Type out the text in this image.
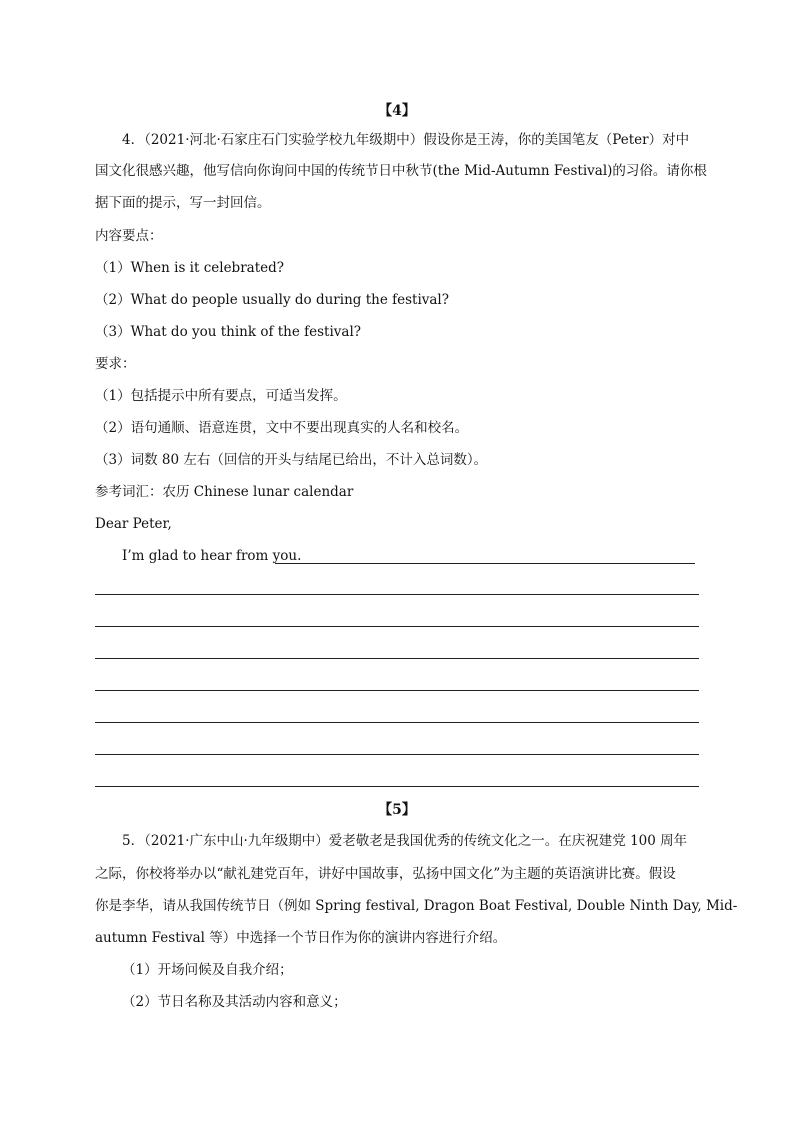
【4】
4．（2021·河北·石家庄石门实验学校九年级期中）假设你是王涛，你的美国笔友（Peter）对中
国文化很感兴趣，他写信向你询问中国的传统节日中秋节(the Mid-Autumn Festival)的习俗。请你根
据下面的提示，写一封回信。
内容要点：
（1）When is it celebrated?
（2）What do people usually do during the festival?
（3）What do you think of the festival?
要求：
（1）包括提示中所有要点，可适当发挥。
（2）语句通顺、语意连贯，文中不要出现真实的人名和校名。
（3）词数 80 左右（回信的开头与结尾已给出，不计入总词数）。
参考词汇：农历 Chinese lunar calendar
Dear Peter,
I’m glad to hear from you.
【5】
5．（2021·广东中山·九年级期中）爱老敬老是我国优秀的传统文化之一。在庆祝建党 100 周年
之际，你校将举办以“献礼建党百年，讲好中国故事，弘扬中国文化”为主题的英语演讲比赛。假设
你是李华，请从我国传统节日（例如 Spring festival, Dragon Boat Festival, Double Ninth Day, Mid-
autumn Festival 等）中选择一个节日作为你的演讲内容进行介绍。
（1）开场问候及自我介绍；
（2）节日名称及其活动内容和意义；
